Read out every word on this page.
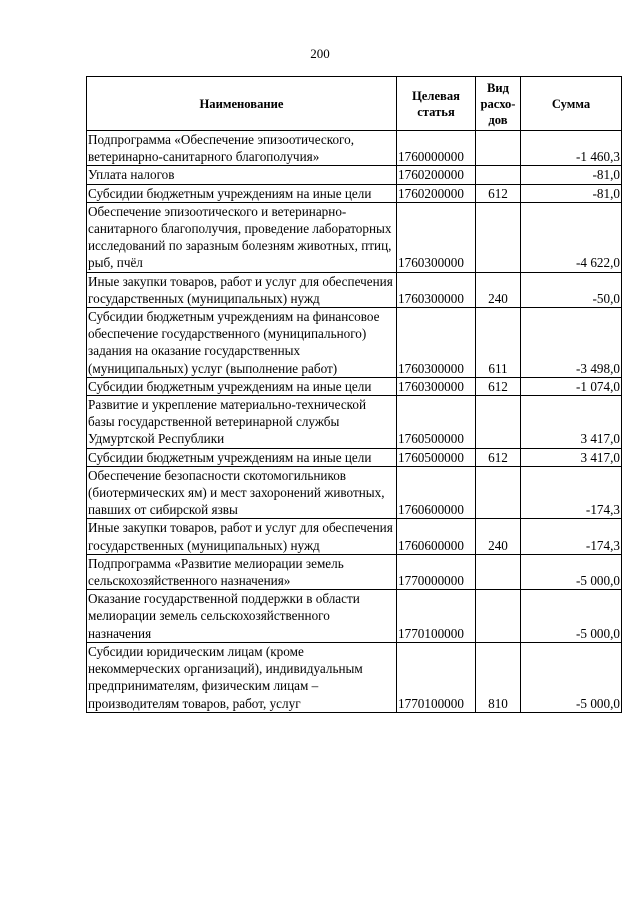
200
Наименование	Целевая статья	Вид расхо-дов	Сумма
Подпрограмма «Обеспечение эпизоотического, ветеринарно-санитарного благополучия»	1760000000		-1 460,3
Уплата налогов	1760200000		-81,0
Субсидии бюджетным учреждениям на иные цели	1760200000	612	-81,0
Обеспечение эпизоотического и ветеринарно-санитарного благополучия, проведение лабораторных исследований по заразным болезням животных, птиц, рыб, пчёл	1760300000		-4 622,0
Иные закупки товаров, работ и услуг для обеспечения государственных (муниципальных) нужд	1760300000	240	-50,0
Субсидии бюджетным учреждениям на финансовое обеспечение государственного (муниципального) задания на оказание государственных (муниципальных) услуг (выполнение работ)	1760300000	611	-3 498,0
Субсидии бюджетным учреждениям на иные цели	1760300000	612	-1 074,0
Развитие и укрепление материально-технической базы государственной ветеринарной службы Удмуртской Республики	1760500000		3 417,0
Субсидии бюджетным учреждениям на иные цели	1760500000	612	3 417,0
Обеспечение безопасности скотомогильников (биотермических ям) и мест захоронений животных, павших от сибирской язвы	1760600000		-174,3
Иные закупки товаров, работ и услуг для обеспечения государственных (муниципальных) нужд	1760600000	240	-174,3
Подпрограмма «Развитие мелиорации земель сельскохозяйственного назначения»	1770000000		-5 000,0
Оказание государственной поддержки в области мелиорации земель сельскохозяйственного назначения	1770100000		-5 000,0
Субсидии юридическим лицам (кроме некоммерческих организаций), индивидуальным предпринимателям, физическим лицам – производителям товаров, работ, услуг	1770100000	810	-5 000,0
